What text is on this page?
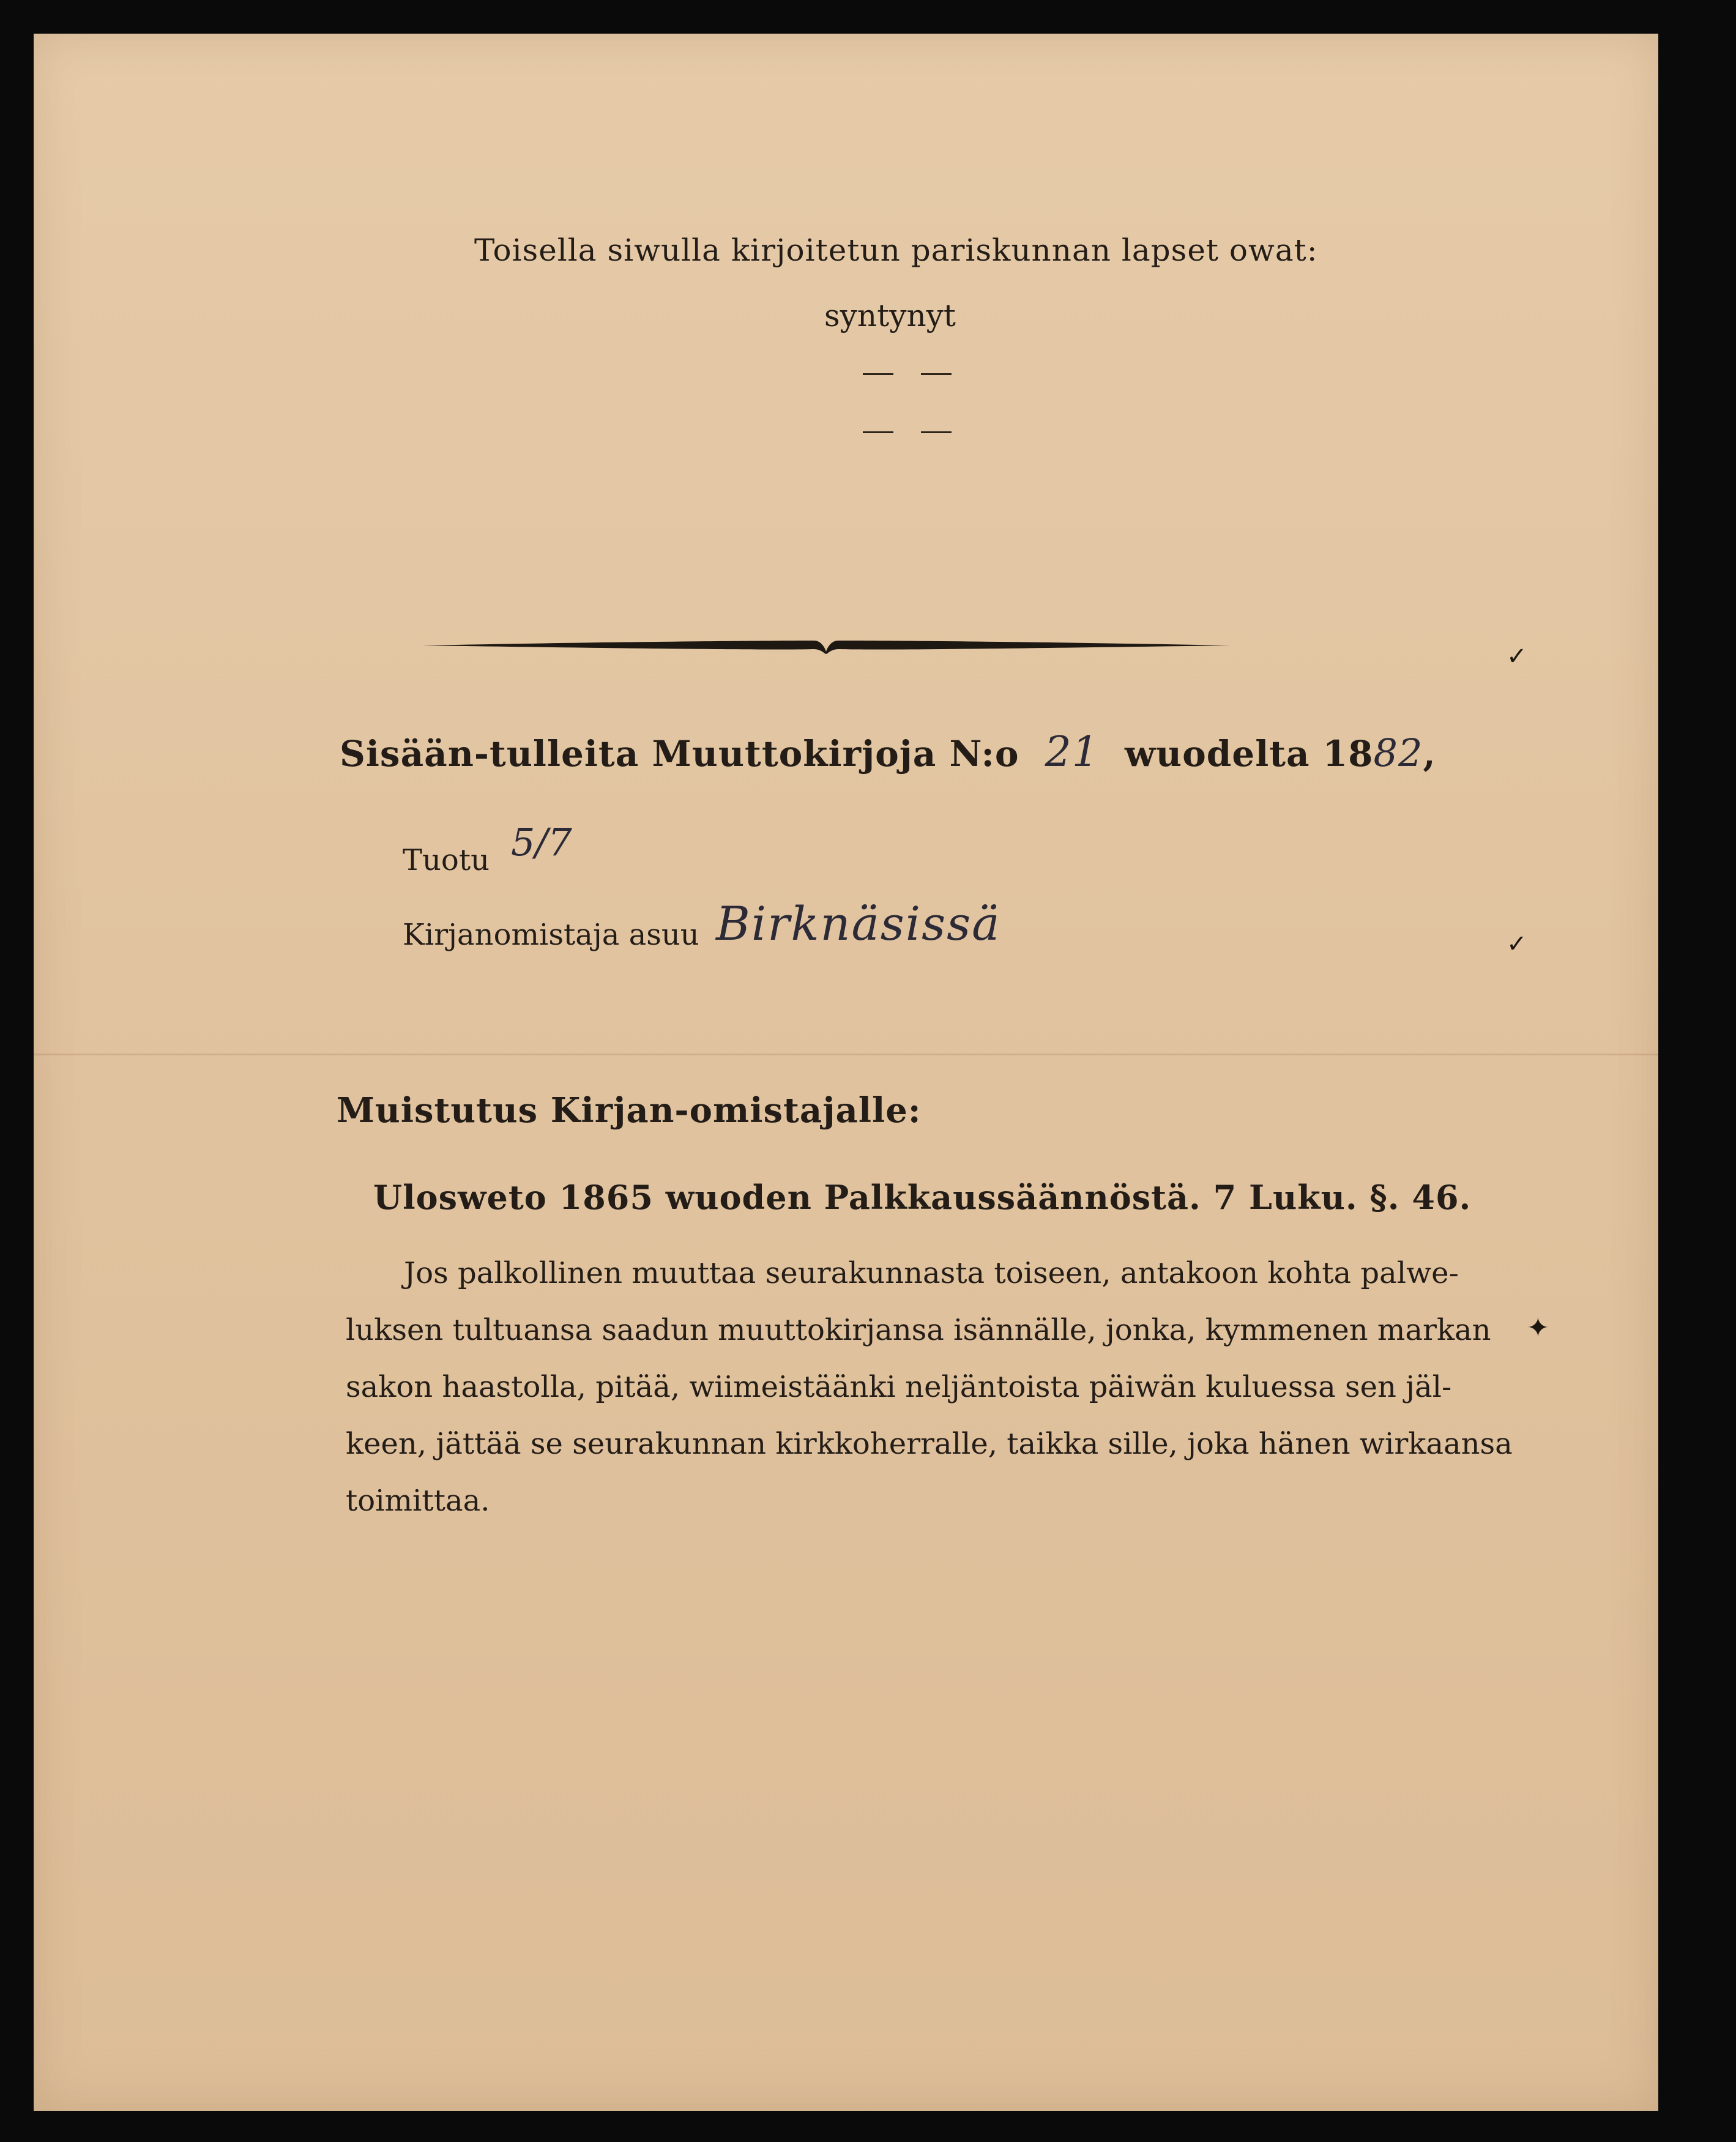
Toisella siwulla kirjoitetun pariskunnan lapset owat:
syntynyt
Sisään-tulleita Muuttokirjoja N:o 21 wuodelta 1882,
Tuotu 5/7
Kirjanomistaja asuu Birknäsissä
Muistutus Kirjan-omistajalle:
Ulosweto 1865 wuoden Palkkaussäännöstä. 7 Luku. §. 46.
Jos palkollinen muuttaa seurakunnasta toiseen, antakoon kohta palwe-
luksen tultuansa saadun muuttokirjansa isännälle, jonka, kymmenen markan
sakon haastolla, pitää, wiimeistäänki neljäntoista päiwän kuluessa sen jäl-
keen, jättää se seurakunnan kirkkoherralle, taikka sille, joka hänen wirkaansa
toimittaa.
✓
✓
✦
